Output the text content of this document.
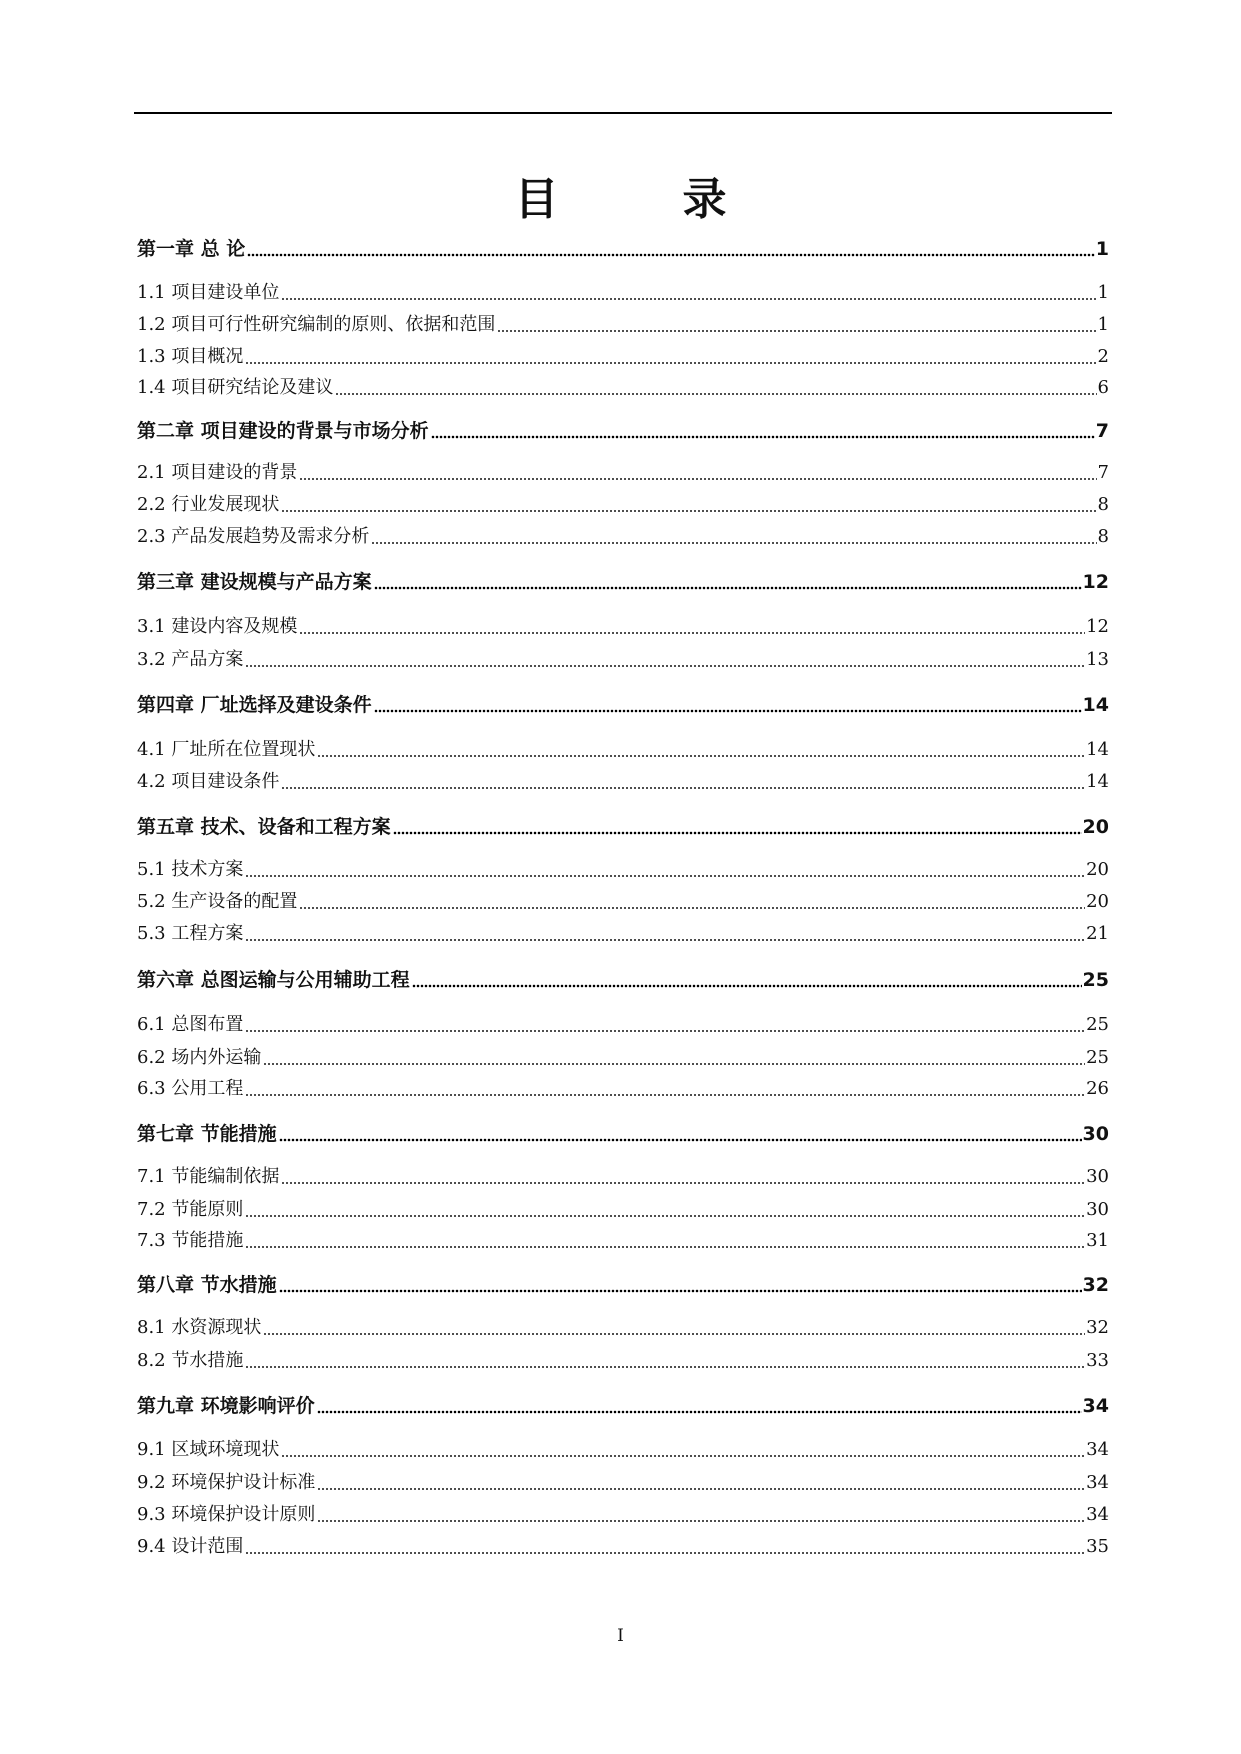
目　录
第一章 总 论	1
1.1 项目建设单位	1
1.2 项目可行性研究编制的原则、依据和范围	1
1.3 项目概况	2
1.4 项目研究结论及建议	6
第二章 项目建设的背景与市场分析	7
2.1 项目建设的背景	7
2.2 行业发展现状	8
2.3 产品发展趋势及需求分析	8
第三章 建设规模与产品方案	12
3.1 建设内容及规模	12
3.2 产品方案	13
第四章 厂址选择及建设条件	14
4.1 厂址所在位置现状	14
4.2 项目建设条件	14
第五章 技术、设备和工程方案	20
5.1 技术方案	20
5.2 生产设备的配置	20
5.3 工程方案	21
第六章 总图运输与公用辅助工程	25
6.1 总图布置	25
6.2 场内外运输	25
6.3 公用工程	26
第七章 节能措施	30
7.1 节能编制依据	30
7.2 节能原则	30
7.3 节能措施	31
第八章 节水措施	32
8.1 水资源现状	32
8.2 节水措施	33
第九章 环境影响评价	34
9.1 区域环境现状	34
9.2 环境保护设计标准	34
9.3 环境保护设计原则	34
9.4 设计范围	35
I
